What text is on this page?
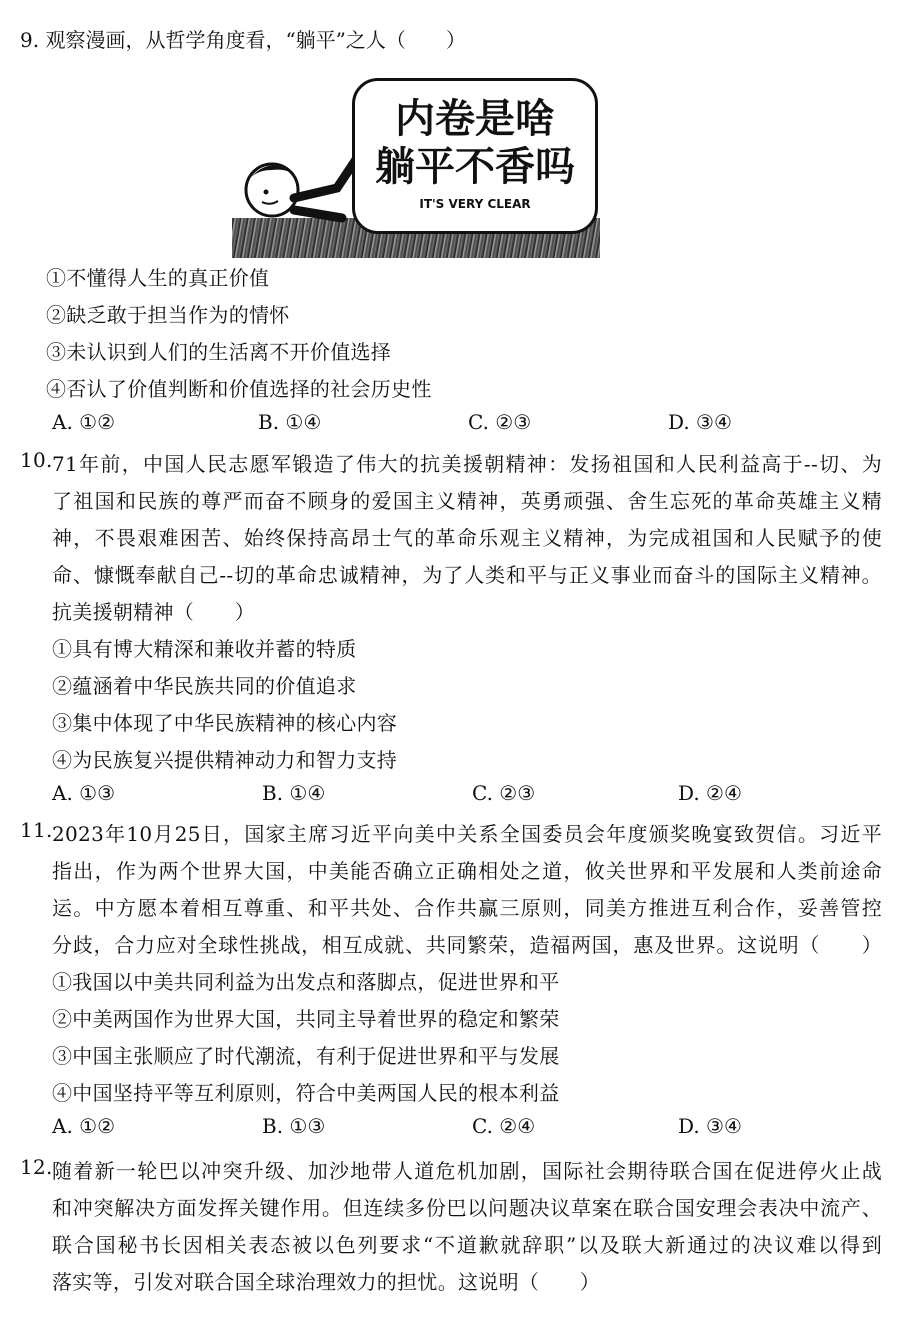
9. 观察漫画，从哲学角度看，“躺平”之人（　　）
内卷是啥
躺平不香吗
IT'S VERY CLEAR
①不懂得人生的真正价值
②缺乏敢于担当作为的情怀
③未认识到人们的生活离不开价值选择
④否认了价值判断和价值选择的社会历史性
A. ①②	B. ①④	C. ②③	D. ③④
10. 71年前，中国人民志愿军锻造了伟大的抗美援朝精神：发扬祖国和人民利益高于--切、为
了祖国和民族的尊严而奋不顾身的爱国主义精神，英勇顽强、舍生忘死的革命英雄主义精
神，不畏艰难困苦、始终保持高昂士气的革命乐观主义精神，为完成祖国和人民赋予的使
命、慷慨奉献自己--切的革命忠诚精神，为了人类和平与正义事业而奋斗的国际主义精神。
抗美援朝精神（　　）
①具有博大精深和兼收并蓄的特质
②蕴涵着中华民族共同的价值追求
③集中体现了中华民族精神的核心内容
④为民族复兴提供精神动力和智力支持
A. ①③	B. ①④	C. ②③	D. ②④
11. 2023年10月25日，国家主席习近平向美中关系全国委员会年度颁奖晚宴致贺信。习近平
指出，作为两个世界大国，中美能否确立正确相处之道，攸关世界和平发展和人类前途命
运。中方愿本着相互尊重、和平共处、合作共赢三原则，同美方推进互利合作，妥善管控
分歧，合力应对全球性挑战，相互成就、共同繁荣，造福两国，惠及世界。这说明（　　）
①我国以中美共同利益为出发点和落脚点，促进世界和平
②中美两国作为世界大国，共同主导着世界的稳定和繁荣
③中国主张顺应了时代潮流，有利于促进世界和平与发展
④中国坚持平等互利原则，符合中美两国人民的根本利益
A. ①②	B. ①③	C. ②④	D. ③④
12. 随着新一轮巴以冲突升级、加沙地带人道危机加剧，国际社会期待联合国在促进停火止战
和冲突解决方面发挥关键作用。但连续多份巴以问题决议草案在联合国安理会表决中流产、
联合国秘书长因相关表态被以色列要求“不道歉就辞职”以及联大新通过的决议难以得到
落实等，引发对联合国全球治理效力的担忧。这说明（　　）
